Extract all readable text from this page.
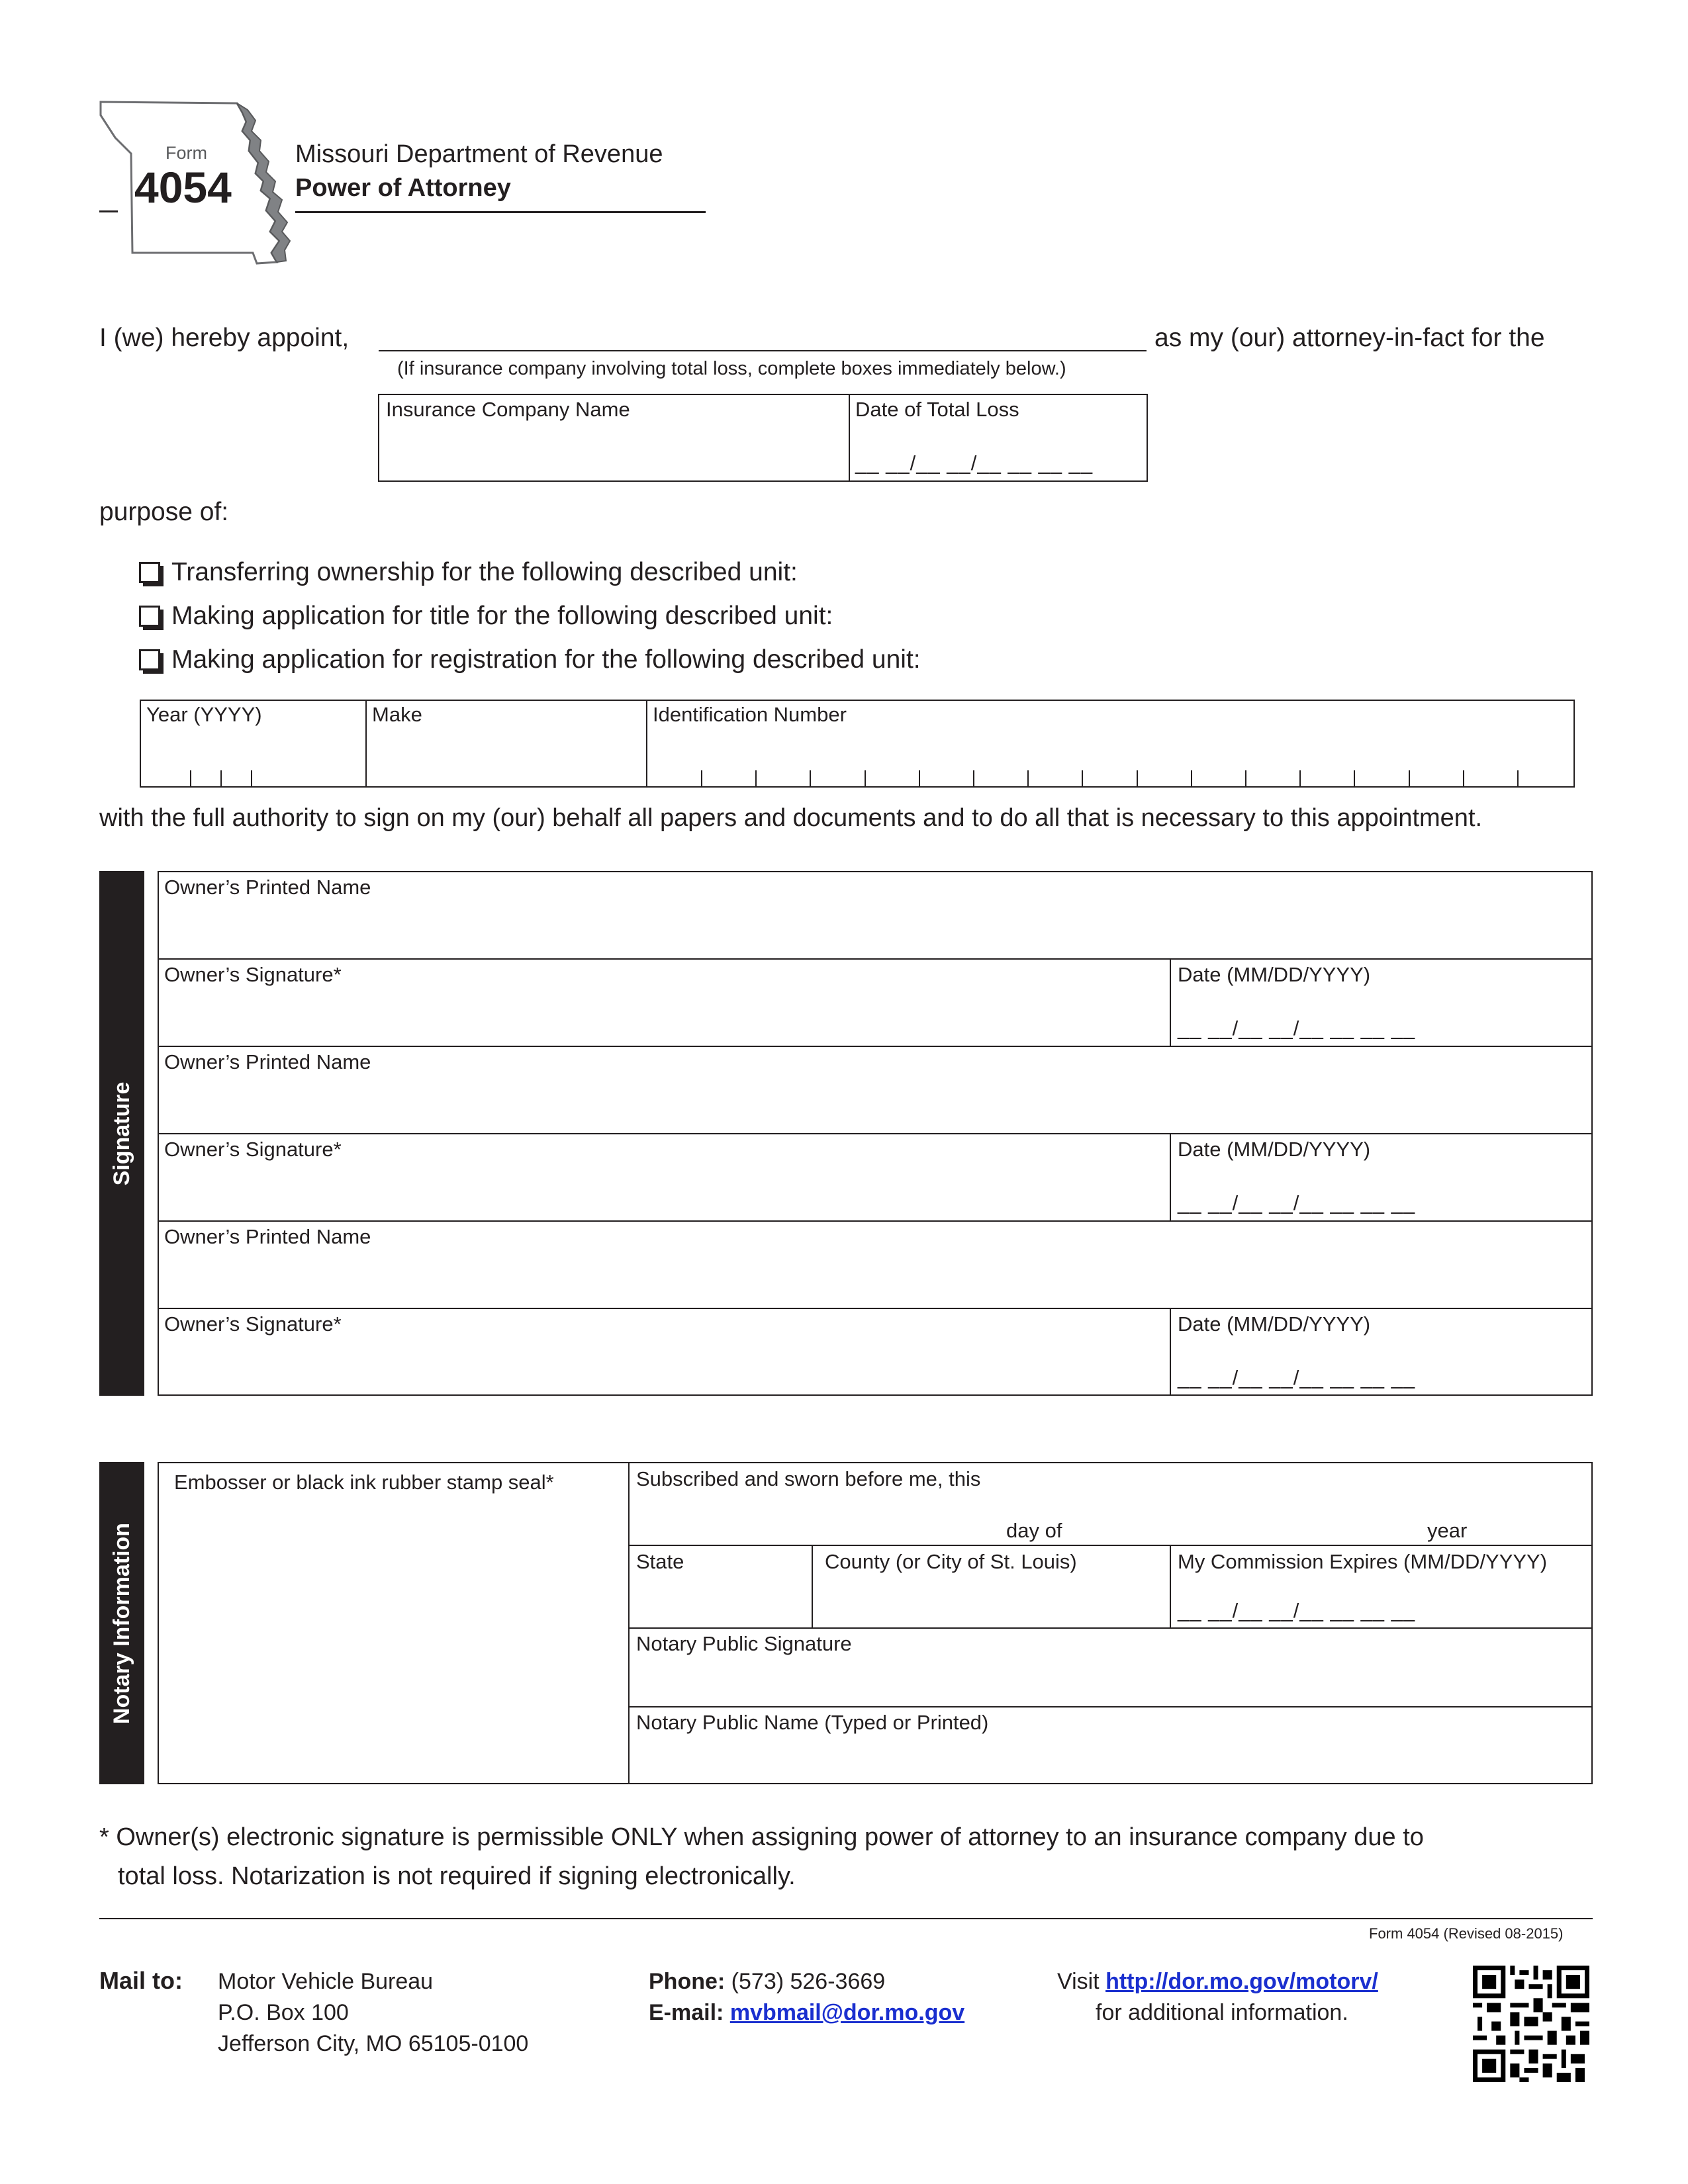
Form
4054
Missouri Department of Revenue
Power of Attorney
I (we) hereby appoint,	as my (our) attorney-in-fact for the
(If insurance company involving total loss, complete boxes immediately below.)
Insurance Company Name	Date of Total Loss
__ __/__ __/__ __ __ __
purpose of:
Transferring ownership for the following described unit:
Making application for title for the following described unit:
Making application for registration for the following described unit:
Year (YYYY)	Make	Identification Number
with the full authority to sign on my (our) behalf all papers and documents and to do all that is necessary to this appointment.
Signature
Owner’s Printed Name
Owner’s Signature*	Date (MM/DD/YYYY)
__ __/__ __/__ __ __ __
Owner’s Printed Name
Owner’s Signature*	Date (MM/DD/YYYY)
__ __/__ __/__ __ __ __
Owner’s Printed Name
Owner’s Signature*	Date (MM/DD/YYYY)
__ __/__ __/__ __ __ __
Notary Information
Embosser or black ink rubber stamp seal*	Subscribed and sworn before me, this
day of	year
State	County (or City of St. Louis)	My Commission Expires (MM/DD/YYYY)
__ __/__ __/__ __ __ __
Notary Public Signature
Notary Public Name (Typed or Printed)
* Owner(s) electronic signature is permissible ONLY when assigning power of attorney to an insurance company due to
total loss. Notarization is not required if signing electronically.
Form 4054 (Revised 08-2015)
Mail to: Motor Vehicle Bureau
P.O. Box 100
Jefferson City, MO 65105-0100
Phone: (573) 526-3669
E-mail: mvbmail@dor.mo.gov
Visit http://dor.mo.gov/motorv/
for additional information.
